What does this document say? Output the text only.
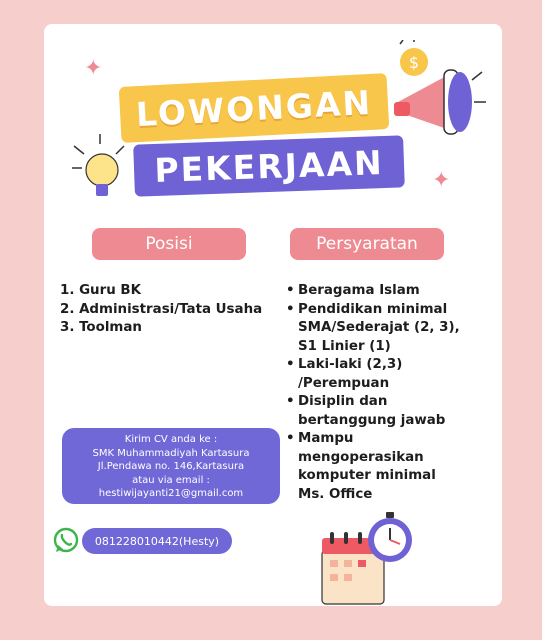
✦
✦
$
LOWONGAN
PEKERJAAN
Posisi	Persyaratan
1. Guru BK
2. Administrasi/Tata Usaha
3. Toolman
• Beragama Islam
• Pendidikan minimal SMA/Sederajat (2, 3), S1 Linier (1)
• Laki-laki (2,3) /Perempuan
• Disiplin dan bertanggung jawab
• Mampu mengoperasikan komputer minimal Ms. Office
Kirim CV anda ke :
SMK Muhammadiyah Kartasura
Jl.Pendawa no. 146,Kartasura
atau via email :
hestiwijayanti21@gmail.com
081228010442(Hesty)
